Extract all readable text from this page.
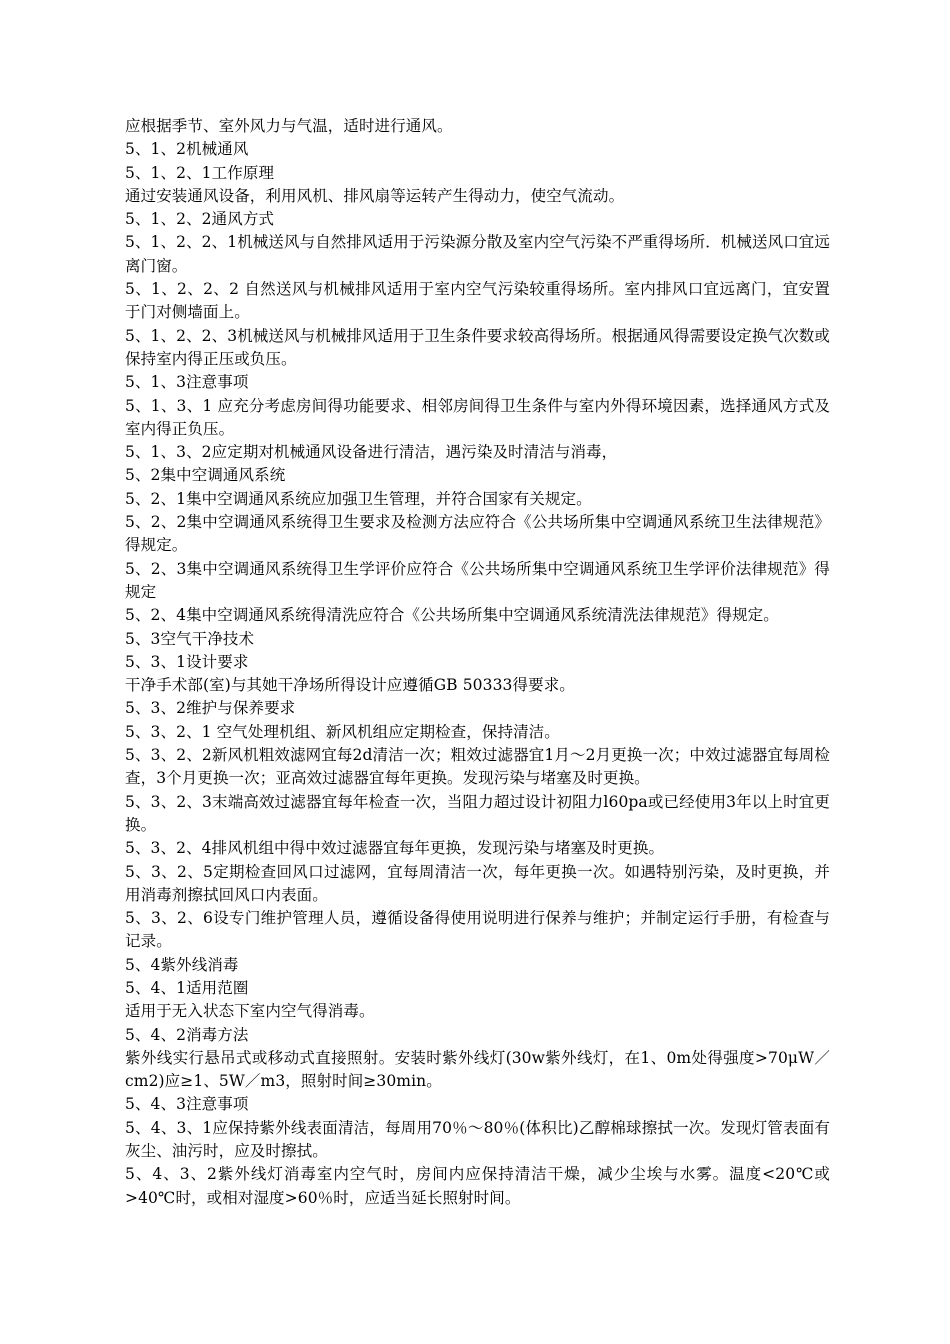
应根据季节、室外风力与气温，适时进行通风。

5、1、2机械通风

5、1、2、1工作原理

通过安装通风设备，利用风机、排风扇等运转产生得动力，使空气流动。

5、1、2、2通风方式

5、1、2、2、1机械送风与自然排风适用于污染源分散及室内空气污染不严重得场所．机械送风口宜远离门窗。

5、1、2、2、2 自然送风与机械排风适用于室内空气污染较重得场所。室内排风口宜远离门，宜安置于门对侧墙面上。

5、1、2、2、3机械送风与机械排风适用于卫生条件要求较高得场所。根据通风得需要设定换气次数或保持室内得正压或负压。

5、1、3注意事项

5、1、3、1 应充分考虑房间得功能要求、相邻房间得卫生条件与室内外得环境因素，选择通风方式及室内得正负压。

5、1、3、2应定期对机械通风设备进行清洁，遇污染及时清洁与消毒，

5、2集中空调通风系统

5、2、1集中空调通风系统应加强卫生管理，并符合国家有关规定。

5、2、2集中空调通风系统得卫生要求及检测方法应符合《公共场所集中空调通风系统卫生法律规范》得规定。

5、2、3集中空调通风系统得卫生学评价应符合《公共场所集中空调通风系统卫生学评价法律规范》得规定

5、2、4集中空调通风系统得清洗应符合《公共场所集中空调通风系统清洗法律规范》得规定。

5、3空气干净技术

5、3、1设计要求

干净手术部(室)与其她干净场所得设计应遵循GB 50333得要求。

5、3、2维护与保养要求

5、3、2、1 空气处理机组、新风机组应定期检查，保持清洁。

5、3、2、2新风机粗效滤网宜每2d清洁一次；粗效过滤器宜1月～2月更换一次；中效过滤器宜每周检查，3个月更换一次；亚高效过滤器宜每年更换。发现污染与堵塞及时更换。

5、3、2、3末端高效过滤器宜每年检查一次，当阻力超过设计初阻力l60pa或已经使用3年以上时宜更换。

5、3、2、4排风机组中得中效过滤器宜每年更换，发现污染与堵塞及时更换。

5、3、2、5定期检查回风口过滤网，宜每周清洁一次，每年更换一次。如遇特别污染，及时更换，并用消毒剂擦拭回风口内表面。

5、3、2、6设专门维护管理人员，遵循设备得使用说明进行保养与维护；并制定运行手册，有检查与记录。

5、4紫外线消毒

5、4、1适用范圈

适用于无入状态下室内空气得消毒。

5、4、2消毒方法

紫外线实行悬吊式或移动式直接照射。安装时紫外线灯(30w紫外线灯，在1、0m处得强度>70μW／cm2)应≥1、5W／m3，照射时间≥30min。

5、4、3注意事项

5、4、3、1应保持紫外线表面清洁，每周用70％～80％(体积比)乙醇棉球擦拭一次。发现灯管表面有灰尘、油污时，应及时擦拭。

5、4、3、2紫外线灯消毒室内空气时，房间内应保持清洁干燥，减少尘埃与水雾。温度<20℃或>40℃时，或相对湿度>60％时，应适当延长照射时间。
